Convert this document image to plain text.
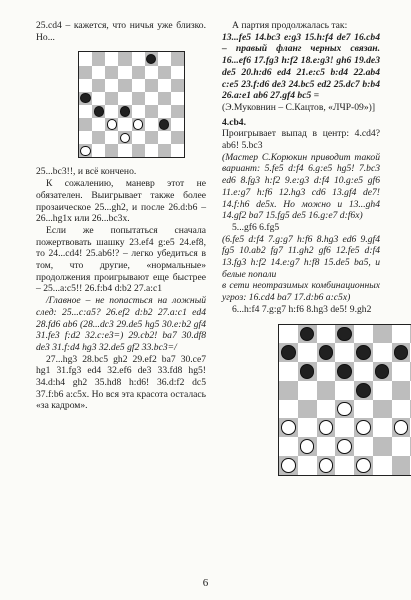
25.cd4 – кажется, что ничья уже близко. Но...

25...bc3!!, и всё кончено.

К сожалению, маневр этот не обязателен. Выигрывает также более прозаическое 25...gh2, и после 26.d:b6 – 26...hg1x или 26...bc3x.

Если же попытаться сначала пожертвовать шашку 23.ef4 g:e5 24.ef8, то 24...cd4! 25.ab6!? – легко убедиться в том, что другие, «нормальные» продолжения проигрывают еще быстрее – 25...a:c5!! 26.f:b4 d:b2 27.a:c1

/Главное – не попасться на ложный след: 25...c:a5? 26.ef2 d:b2 27.a:c1 ed4 28.fd6 ab6 (28...dc3 29.de5 hg5 30.e:b2 gf4 31.fe3 f:d2 32.c:e3=) 29.cb2! ba7 30.df8 de3 31.f:d4 hg3 32.de5 gf2 33.bc3=/

27...hg3 28.bc5 gh2 29.ef2 ba7 30.ce7 hg1 31.fg3 ed4 32.ef6 de3 33.fd8 hg5! 34.d:h4 gh2 35.hd8 h:d6! 36.d:f2 dc5 37.f:b6 a:c5x. Но вся эта красота осталась «за кадром».

А партия продолжалась так:

13...fe5 14.bc3 e:g3 15.h:f4 de7 16.cb4 – правый фланг черных связан. 16...ef6 17.fg3 h:f2 18.e:g3! gh6 19.de3 de5 20.h:d6 ed4 21.e:c5 b:d4 22.ab4 c:e5 23.f:d6 de3 24.bc5 ed2 25.dc7 b:b4 26.a:e1 ab6 27.gf4 bc5 =

(Э.Муковнин – С.Кацтов, «ЛЧР-09»)]

4.cb4.

Проигрывает выпад в центр: 4.cd4? ab6! 5.bc3

(Мастер С.Корюкин приводит такой вариант: 5.fe5 d:f4 6.g:e5 hg5! 7.bc3 ed6 8.fg3 h:f2 9.e:g3 d:f4 10.g:e5 gf6 11.e:g7 h:f6 12.hg3 cd6 13.gf4 de7! 14.f:h6 de5x. Но можно и 13...gh4 14.gf2 ba7 15.fg5 de5 16.g:e7 d:f6x)

5...gf6 6.fg5

(6.fe5 d:f4 7.g:g7 h:f6 8.hg3 ed6 9.gf4 fg5 10.ab2 fg7 11.gh2 gf6 12.fe5 d:f4 13.fg3 h:f2 14.e:g7 h:f8 15.de5 ba5, и белые попали

в сети неотразимых комбинационных угроз: 16.cd4 ba7 17.d:b6 a:c5x)

6...h:f4 7.g:g7 h:f6 8.hg3 de5! 9.gh2

6
